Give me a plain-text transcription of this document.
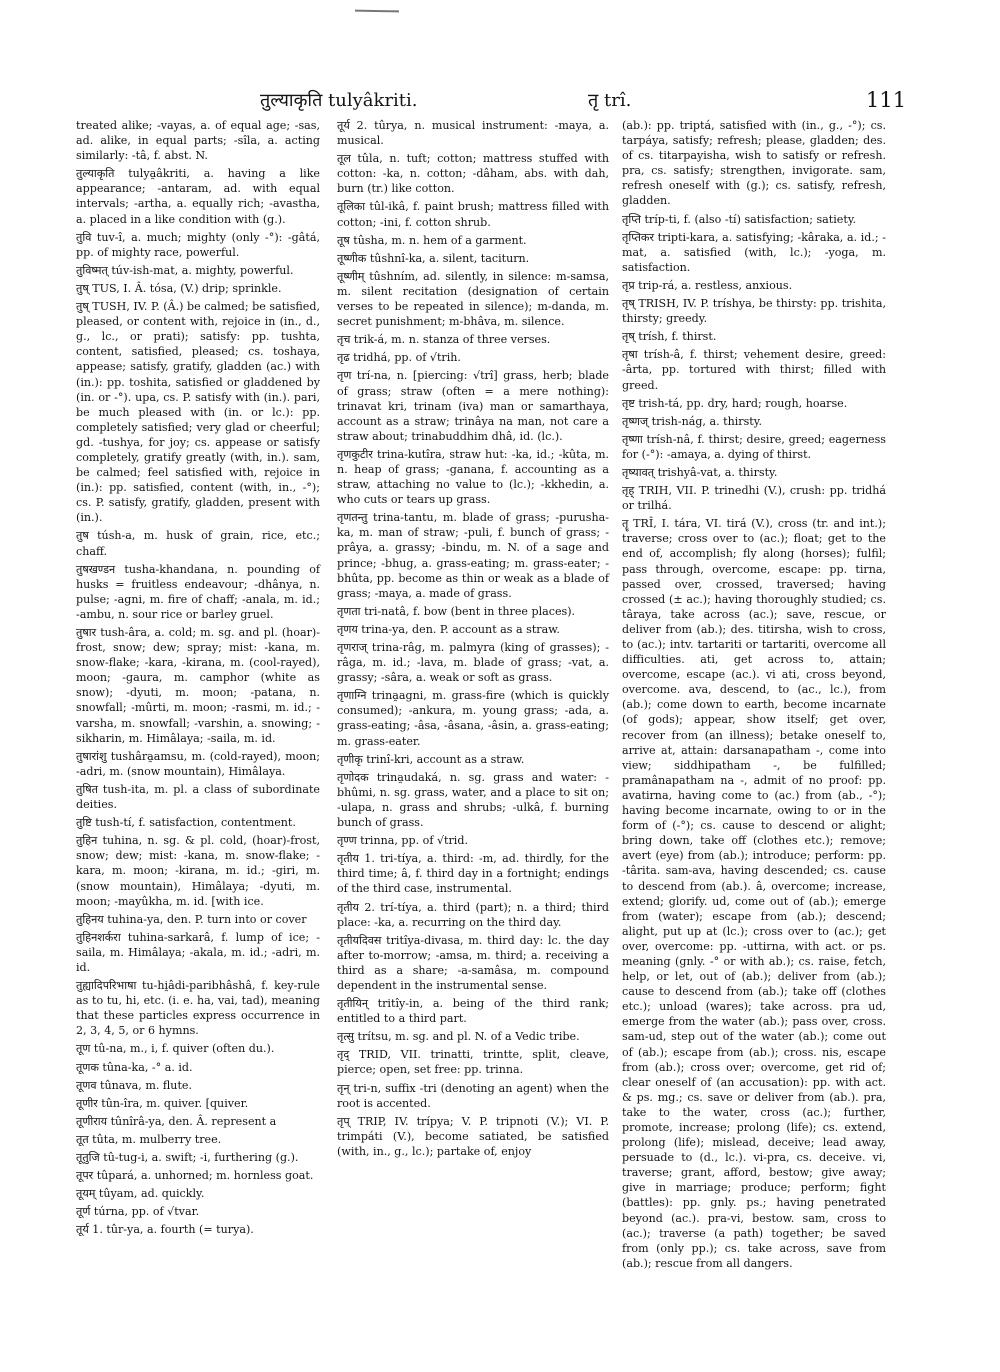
तुल्याकृति tulyâkriti.	तृ trî.	111
treated alike; -vayas, a. of equal age; -sas, ad. alike, in equal parts; -sîla, a. acting similarly: -tâ, f. abst. N.
तुल्याकृति tulya̯âkriti, a. having a like appearance; -antaram, ad. with equal intervals; -artha, a. equally rich; -avastha, a. placed in a like condition with (g.).
तुवि tuv-î, a. much; mighty (only -°): -gâtá, pp. of mighty race, powerful.
तुविष्मत् túv-ish-mat, a. mighty, powerful.
तुष् TUS, I. Â. tósa, (V.) drip; sprinkle.
तुष् TUSH, IV. P. (Â.) be calmed; be satisfied, pleased, or content with, rejoice in (in., d., g., lc., or prati); satisfy: pp. tushta, content, satisfied, pleased; cs. toshaya, appease; satisfy, gratify, gladden (ac.) with (in.): pp. toshita, satisfied or gladdened by (in. or -°). upa, cs. P. satisfy with (in.). pari, be much pleased with (in. or lc.): pp. completely satisfied; very glad or cheerful; gd. -tushya, for joy; cs. appease or satisfy completely, gratify greatly (with, in.). sam, be calmed; feel satisfied with, rejoice in (in.): pp. satisfied, content (with, in., -°); cs. P. satisfy, gratify, gladden, present with (in.).
तुष túsh-a, m. husk of grain, rice, etc.; chaff.
तुषखण्डन tusha-khandana, n. pounding of husks = fruitless endeavour; -dhânya, n. pulse; -agni, m. fire of chaff; -anala, m. id.; -ambu, n. sour rice or barley gruel.
तुषार tush-âra, a. cold; m. sg. and pl. (hoar)-frost, snow; dew; spray; mist: -kana, m. snow-flake; -kara, -kirana, m. (cool-rayed), moon; -gaura, m. camphor (white as snow); -dyuti, m. moon; -patana, n. snowfall; -mûrti, m. moon; -rasmi, m. id.; -varsha, m. snowfall; -varshin, a. snowing; -sikharin, m. Himâlaya; -saila, m. id.
तुषारांशु tushâra̯amsu, m. (cold-rayed), moon; -adri, m. (snow mountain), Himâlaya.
तुषित tush-ita, m. pl. a class of subordinate deities.
तुष्टि tush-tí, f. satisfaction, contentment.
तुहिन tuhina, n. sg. & pl. cold, (hoar)-frost, snow; dew; mist: -kana, m. snow-flake; -kara, m. moon; -kirana, m. id.; -giri, m. (snow mountain), Himâlaya; -dyuti, m. moon; -mayûkha, m. id. [with ice.
तुहिनय tuhina-ya, den. P. turn into or cover
तुहिनशर्करा tuhina-sarkarâ, f. lump of ice; -saila, m. Himâlaya; -akala, m. id.; -adri, m. id.
तुह्यादिपरिभाषा tu-hi̯âdi-paribhâshâ, f. key-rule as to tu, hi, etc. (i. e. ha, vai, tad), meaning that these particles express occurrence in 2, 3, 4, 5, or 6 hymns.
तूण tû-na, m., i, f. quiver (often du.).
तूणक tûna-ka, -° a. id.
तूणव tûnava, m. flute.
तूणीर tûn-îra, m. quiver. [quiver.
तूणीराय tûnîrâ-ya, den. Â. represent a
तूत tûta, m. mulberry tree.
तूतुजि tû-tug-i, a. swift; -i, furthering (g.).
तूपर tûpará, a. unhorned; m. hornless goat.
तूयम् tûyam, ad. quickly.
तूर्ण túrna, pp. of √tvar.
तूर्य 1. tûr-ya, a. fourth (= turya).
तूर्य 2. tûrya, n. musical instrument: -maya, a. musical.
तूल tûla, n. tuft; cotton; mattress stuffed with cotton: -ka, n. cotton; -dâham, abs. with dah, burn (tr.) like cotton.
तूलिका tûl-ikâ, f. paint brush; mattress filled with cotton; -ini, f. cotton shrub.
तूष tûsha, m. n. hem of a garment.
तूष्णीक tûshnî-ka, a. silent, taciturn.
तूष्णीम् tûshním, ad. silently, in silence: m-samsa, m. silent recitation (designation of certain verses to be repeated in silence); m-danda, m. secret punishment; m-bhâva, m. silence.
तृच trik-á, m. n. stanza of three verses.
तृढ tridhá, pp. of √trih.
तृण trí-na, n. [piercing: √trî] grass, herb; blade of grass; straw (often = a mere nothing): trinavat kri, trinam (iva) man or samarthaya, account as a straw; trinâya na man, not care a straw about; trinabuddhim dhâ, id. (lc.).
तृणकुटीर trina-kutîra, straw hut: -ka, id.; -kûta, m. n. heap of grass; -ganana, f. accounting as a straw, attaching no value to (lc.); -kkhedin, a. who cuts or tears up grass.
तृणतन्तु trina-tantu, m. blade of grass; -purusha-ka, m. man of straw; -puli, f. bunch of grass; -prâya, a. grassy; -bindu, m. N. of a sage and prince; -bhug, a. grass-eating; m. grass-eater; -bhûta, pp. become as thin or weak as a blade of grass; -maya, a. made of grass.
तृणता tri-natâ, f. bow (bent in three places).
तृणय trina-ya, den. P. account as a straw.
तृणराज् trina-râg, m. palmyra (king of grasses); -râga, m. id.; -lava, m. blade of grass; -vat, a. grassy; -sâra, a. weak or soft as grass.
तृणाग्नि trina̯agni, m. grass-fire (which is quickly consumed); -ankura, m. young grass; -ada, a. grass-eating; -âsa, -âsana, -âsin, a. grass-eating; m. grass-eater.
तृणीकृ trinî-kri, account as a straw.
तृणोदक trina̯udaká, n. sg. grass and water: -bhûmi, n. sg. grass, water, and a place to sit on; -ulapa, n. grass and shrubs; -ulkâ, f. burning bunch of grass.
तृण्ण trinna, pp. of √trid.
तृतीय 1. tri-tíya, a. third: -m, ad. thirdly, for the third time; â, f. third day in a fortnight; endings of the third case, instrumental.
तृतीय 2. trí-tíya, a. third (part); n. a third; third place: -ka, a. recurring on the third day.
तृतीयदिवस tritîya-divasa, m. third day: lc. the day after to-morrow; -amsa, m. third; a. receiving a third as a share; -a-samâsa, m. compound dependent in the instrumental sense.
तृतीयिन् tritîy-in, a. being of the third rank; entitled to a third part.
तृत्सु trítsu, m. sg. and pl. N. of a Vedic tribe.
तृद् TRID, VII. trinatti, trintte, split, cleave, pierce; open, set free: pp. trinna.
तृन् tri-n, suffix -tri (denoting an agent) when the root is accented.
तृप् TRIP, IV. trípya; V. P. tripnoti (V.); VI. P. trimpáti (V.), become satiated, be satisfied (with, in., g., lc.); partake of, enjoy
(ab.): pp. triptá, satisfied with (in., g., -°); cs. tarpáya, satisfy; refresh; please, gladden; des. of cs. titarpayisha, wish to satisfy or refresh. pra, cs. satisfy; strengthen, invigorate. sam, refresh oneself with (g.); cs. satisfy, refresh, gladden.
तृप्ति tríp-ti, f. (also -tí) satisfaction; satiety.
तृप्तिकर tripti-kara, a. satisfying; -kâraka, a. id.; -mat, a. satisfied (with, lc.); -yoga, m. satisfaction.
तृप्र trip-rá, a. restless, anxious.
तृष् TRISH, IV. P. tríshya, be thirsty: pp. trishita, thirsty; greedy.
तृष् trísh, f. thirst.
तृषा trísh-â, f. thirst; vehement desire, greed: -ârta, pp. tortured with thirst; filled with greed.
तृष्ट trish-tá, pp. dry, hard; rough, hoarse.
तृष्णज् trish-nág, a. thirsty.
तृष्णा trísh-nâ, f. thirst; desire, greed; eagerness for (-°): -amaya, a. dying of thirst.
तृष्यावत् trishyâ-vat, a. thirsty.
तृह् TRIH, VII. P. trinedhi (V.), crush: pp. tridhá or trilhá.
तॄ TRÎ, I. tára, VI. tirá (V.), cross (tr. and int.); traverse; cross over to (ac.); float; get to the end of, accomplish; fly along (horses); fulfil; pass through, overcome, escape: pp. tirna, passed over, crossed, traversed; having crossed (± ac.); having thoroughly studied; cs. târaya, take across (ac.); save, rescue, or deliver from (ab.); des. titirsha, wish to cross, to (ac.); intv. tartariti or tartariti, overcome all difficulties. ati, get across to, attain; overcome, escape (ac.). vi ati, cross beyond, overcome. ava, descend, to (ac., lc.), from (ab.); come down to earth, become incarnate (of gods); appear, show itself; get over, recover from (an illness); betake oneself to, arrive at, attain: darsanapatham -, come into view; siddhipatham -, be fulfilled; pramânapatham na -, admit of no proof: pp. avatirna, having come to (ac.) from (ab., -°); having become incarnate, owing to or in the form of (-°); cs. cause to descend or alight; bring down, take off (clothes etc.); remove; avert (eye) from (ab.); introduce; perform: pp. -târita. sam-ava, having descended; cs. cause to descend from (ab.). â, overcome; increase, extend; glorify. ud, come out of (ab.); emerge from (water); escape from (ab.); descend; alight, put up at (lc.); cross over to (ac.); get over, overcome: pp. -uttirna, with act. or ps. meaning (gnly. -° or with ab.); cs. raise, fetch, help, or let, out of (ab.); deliver from (ab.); cause to descend from (ab.); take off (clothes etc.); unload (wares); take across. pra ud, emerge from the water (ab.); pass over, cross. sam-ud, step out of the water (ab.); come out of (ab.); escape from (ab.); cross. nis, escape from (ab.); cross over; overcome, get rid of; clear oneself of (an accusation): pp. with act. & ps. mg.; cs. save or deliver from (ab.). pra, take to the water, cross (ac.); further, promote, increase; prolong (life); cs. extend, prolong (life); mislead, deceive; lead away, persuade to (d., lc.). vi-pra, cs. deceive. vi, traverse; grant, afford, bestow; give away; give in marriage; produce; perform; fight (battles): pp. gnly. ps.; having penetrated beyond (ac.). pra-vi, bestow. sam, cross to (ac.); traverse (a path) together; be saved from (only pp.); cs. take across, save from (ab.); rescue from all dangers.
